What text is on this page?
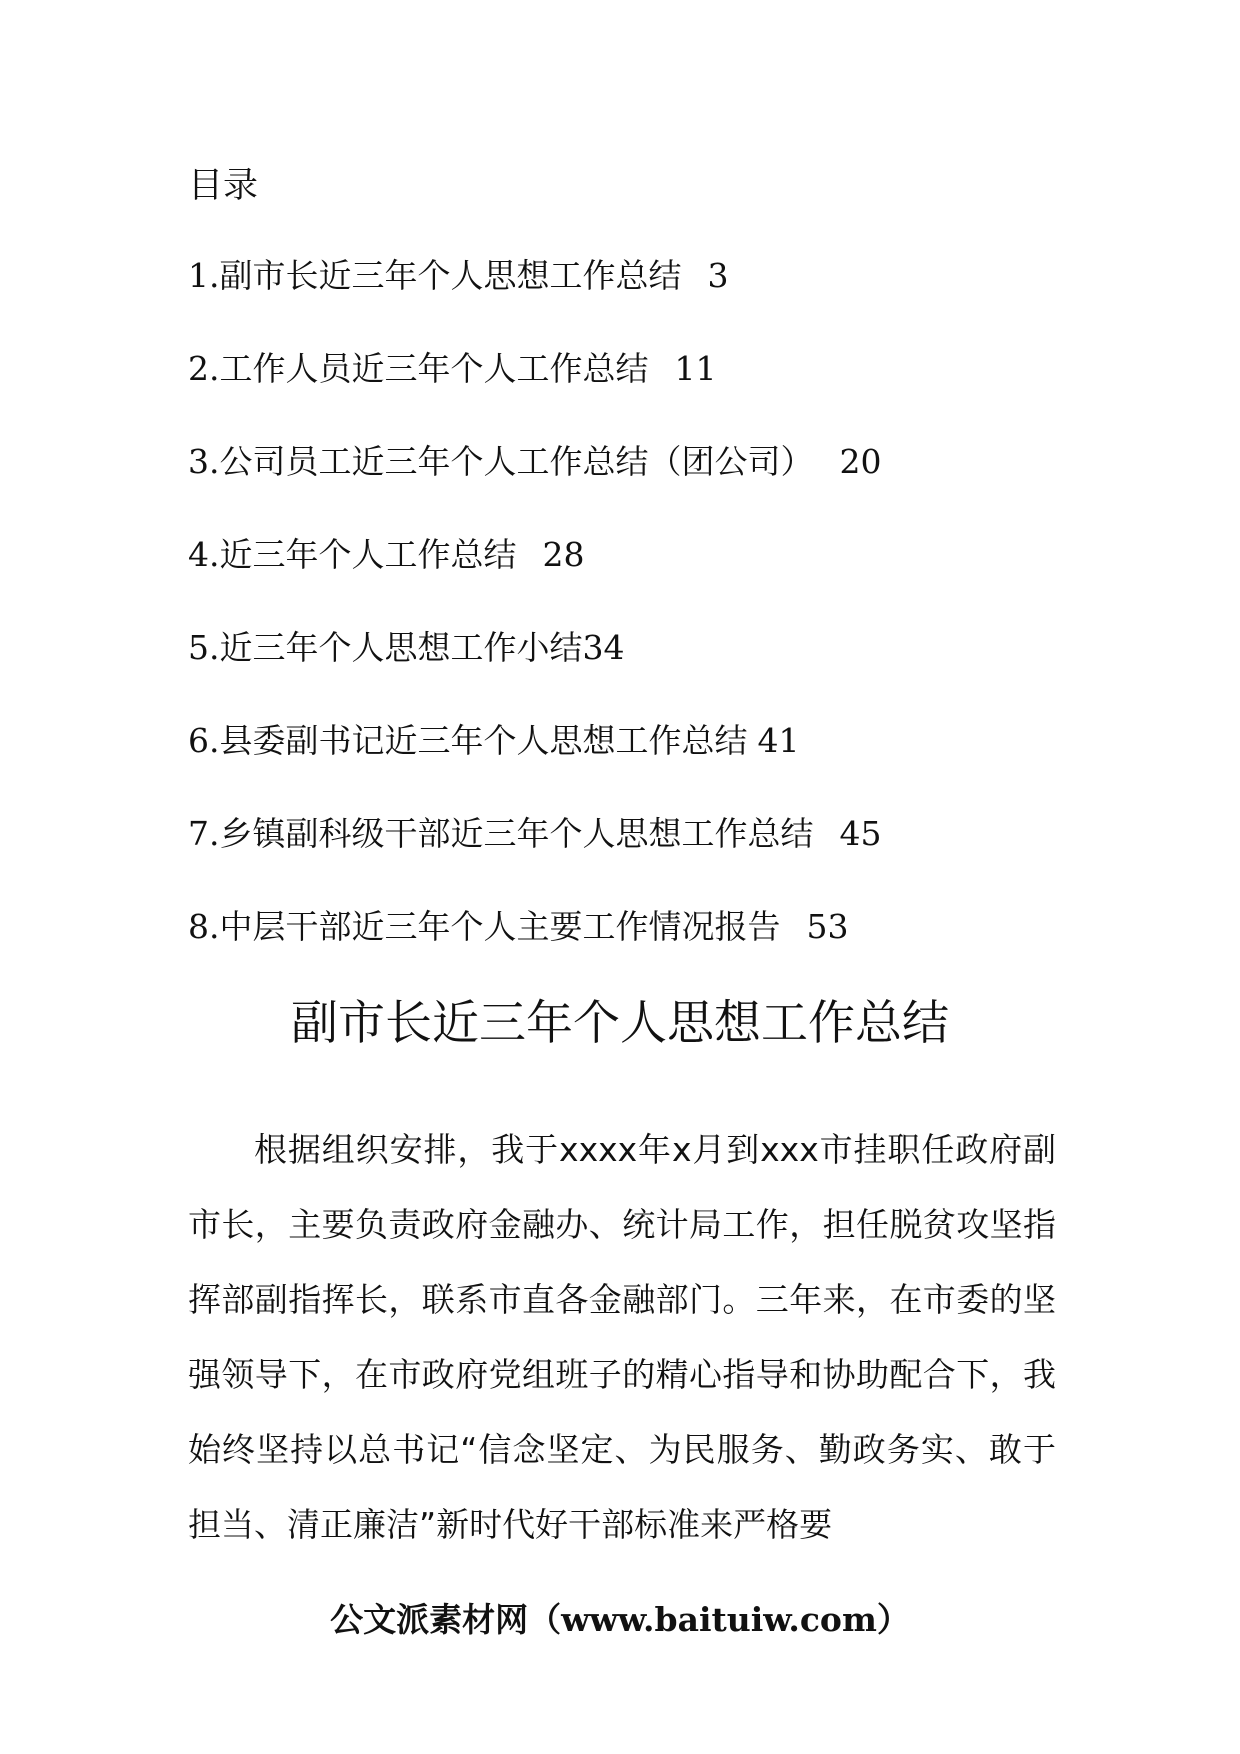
目录
1. 副市长近三年个人思想工作总结 3
2. 工作人员近三年个人工作总结 11
3. 公司员工近三年个人工作总结（团公司） 20
4. 近三年个人工作总结 28
5. 近三年个人思想工作小结 34
6. 县委副书记近三年个人思想工作总结 41
7. 乡镇副科级干部近三年个人思想工作总结 45
8. 中层干部近三年个人主要工作情况报告 53
副市长近三年个人思想工作总结

根据组织安排，我于xxxx年x月到xxx市挂职任政府副市长，主要负责政府金融办、统计局工作，担任脱贫攻坚指挥部副指挥长，联系市直各金融部门。三年来，在市委的坚强领导下，在市政府党组班子的精心指导和协助配合下，我始终坚持以总书记“信念坚定、为民服务、勤政务实、敢于担当、清正廉洁”新时代好干部标准来严格要

公文派素材网（www.baituiw.com）
